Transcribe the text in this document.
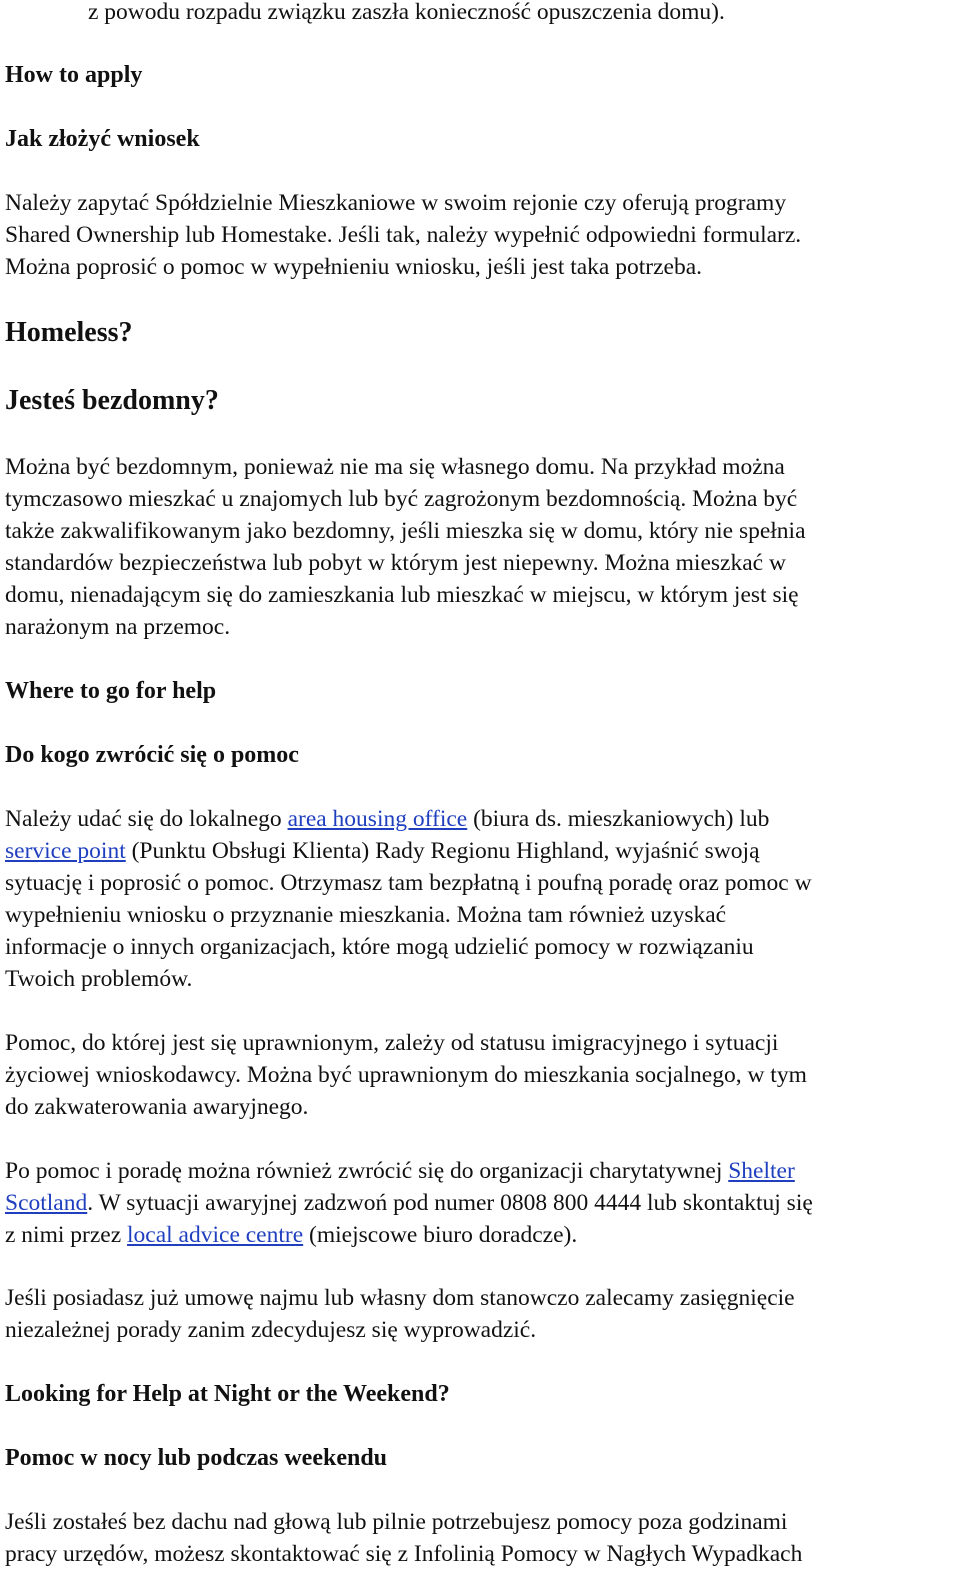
z powodu rozpadu związku zaszła konieczność opuszczenia domu).
How to apply
Jak złożyć wniosek
Należy zapytać Spółdzielnie Mieszkaniowe w swoim rejonie czy oferują programy
Shared Ownership lub Homestake. Jeśli tak, należy wypełnić odpowiedni formularz.
Można poprosić o pomoc w wypełnieniu wniosku, jeśli jest taka potrzeba.
Homeless?
Jesteś bezdomny?
Można być bezdomnym, ponieważ nie ma się własnego domu. Na przykład można
tymczasowo mieszkać u znajomych lub być zagrożonym bezdomnością. Można być
także zakwalifikowanym jako bezdomny, jeśli mieszka się w domu, który nie spełnia
standardów bezpieczeństwa lub pobyt w którym jest niepewny. Można mieszkać w
domu, nienadającym się do zamieszkania lub mieszkać w miejscu, w którym jest się
narażonym na przemoc.
Where to go for help
Do kogo zwrócić się o pomoc
Należy udać się do lokalnego area housing office (biura ds. mieszkaniowych) lub
service point (Punktu Obsługi Klienta) Rady Regionu Highland, wyjaśnić swoją
sytuację i poprosić o pomoc. Otrzymasz tam bezpłatną i poufną poradę oraz pomoc w
wypełnieniu wniosku o przyznanie mieszkania. Można tam również uzyskać
informacje o innych organizacjach, które mogą udzielić pomocy w rozwiązaniu
Twoich problemów.
Pomoc, do której jest się uprawnionym, zależy od statusu imigracyjnego i sytuacji
życiowej wnioskodawcy. Można być uprawnionym do mieszkania socjalnego, w tym
do zakwaterowania awaryjnego.
Po pomoc i poradę można również zwrócić się do organizacji charytatywnej Shelter
Scotland. W sytuacji awaryjnej zadzwoń pod numer 0808 800 4444 lub skontaktuj się
z nimi przez local advice centre (miejscowe biuro doradcze).
Jeśli posiadasz już umowę najmu lub własny dom stanowczo zalecamy zasięgnięcie
niezależnej porady zanim zdecydujesz się wyprowadzić.
Looking for Help at Night or the Weekend?
Pomoc w nocy lub podczas weekendu
Jeśli zostałeś bez dachu nad głową lub pilnie potrzebujesz pomocy poza godzinami
pracy urzędów, możesz skontaktować się z Infolinią Pomocy w Nagłych Wypadkach
